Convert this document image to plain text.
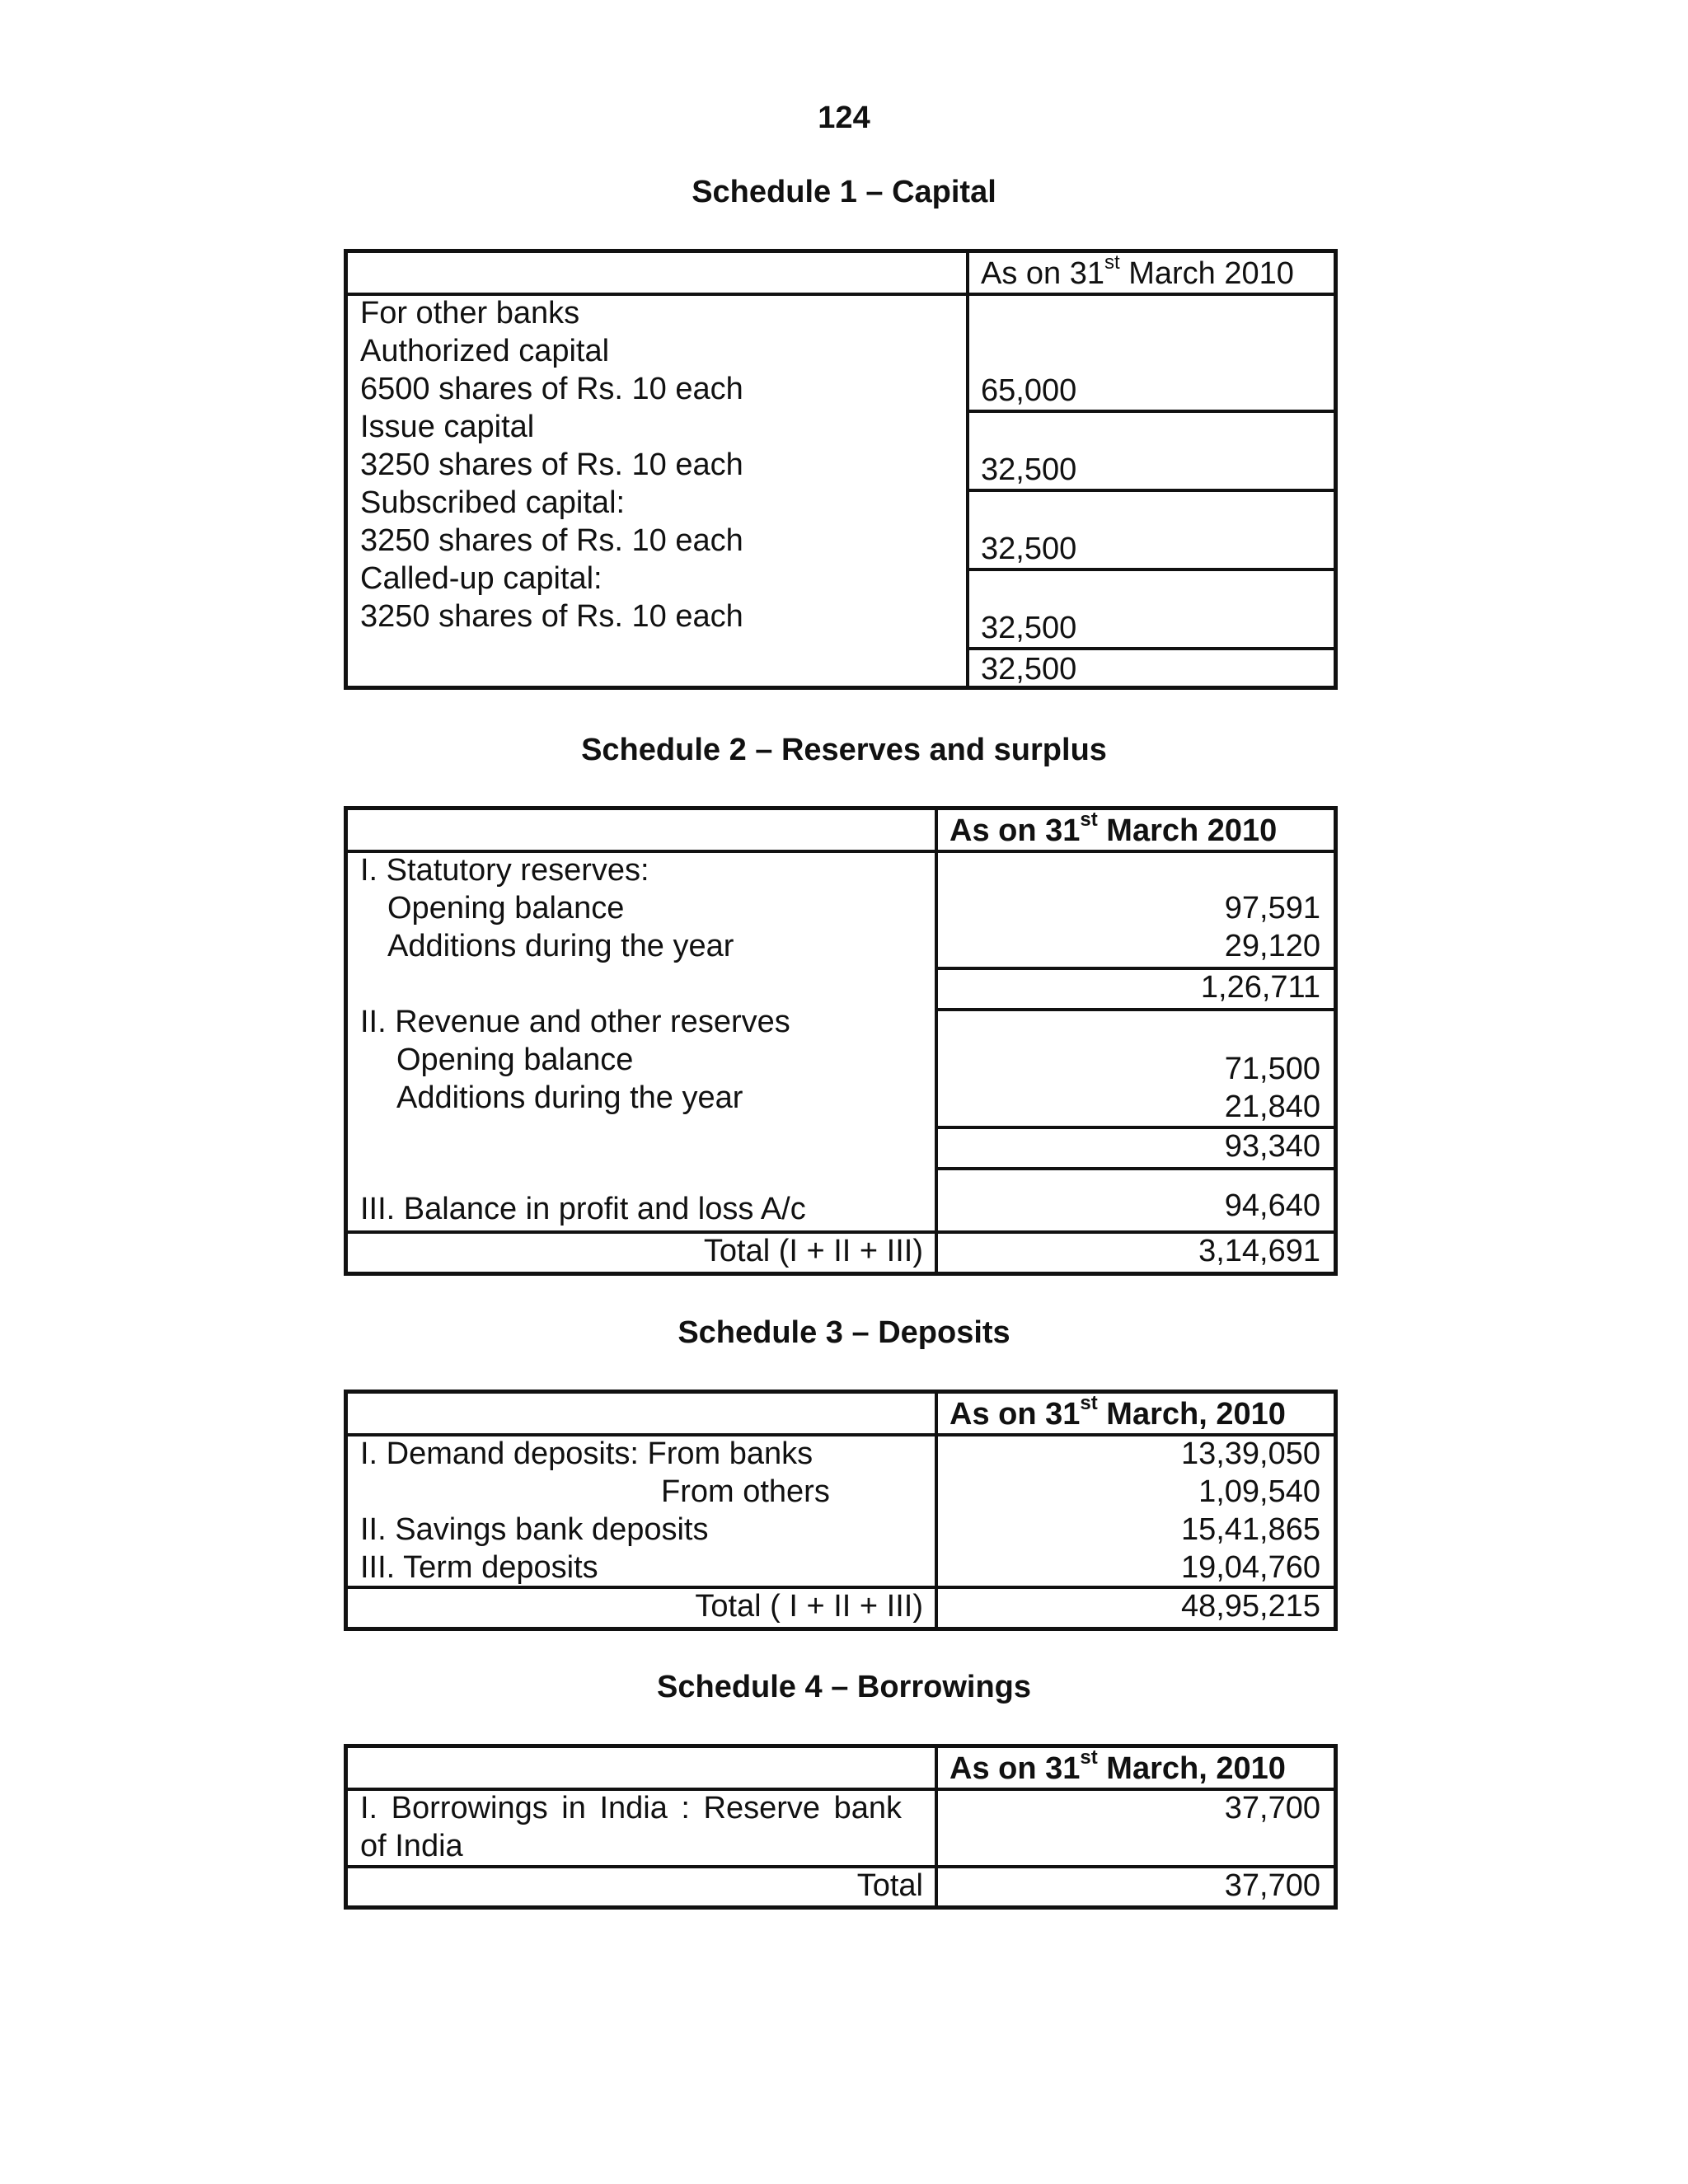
124
Schedule 1 – Capital
As on 31st March 2010
For other banks
Authorized capital
6500 shares of Rs. 10 each
Issue capital
3250 shares of Rs. 10 each
Subscribed capital:
3250 shares of Rs. 10 each
Called-up capital:
3250 shares of Rs. 10 each
65,000
32,500
32,500
32,500
32,500
Schedule 2 – Reserves and surplus
As on 31st March 2010
I. Statutory reserves:
Opening balance
Additions during the year
II. Revenue and other reserves
Opening balance
Additions during the year
III. Balance in profit and loss A/c
Total (I + II + III)
97,591
29,120
1,26,711
71,500
21,840
93,340
94,640
3,14,691
Schedule 3 – Deposits
As on 31st March, 2010
I. Demand deposits: From banks
From others
II. Savings bank deposits
III. Term deposits
Total ( I + II + III)
13,39,050
1,09,540
15,41,865
19,04,760
48,95,215
Schedule 4 – Borrowings
As on 31st March, 2010
I. Borrowings in India : Reserve bank
of India
Total
37,700
37,700
